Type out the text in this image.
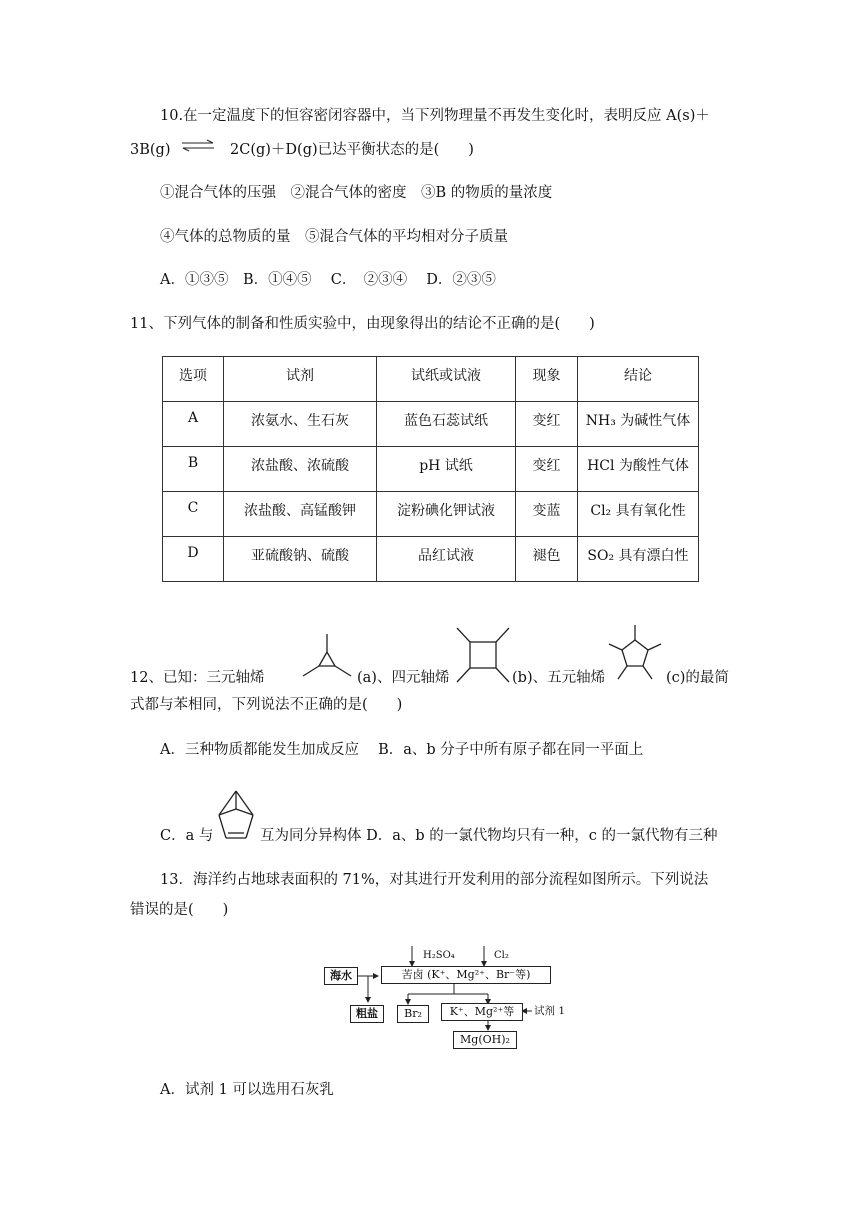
10.在一定温度下的恒容密闭容器中，当下列物理量不再发生变化时，表明反应 A(s)＋
3B(g) ⇌ 2C(g)＋D(g)已达平衡状态的是(　　)
①混合气体的压强　②混合气体的密度　③B 的物质的量浓度
④气体的总物质的量　⑤混合气体的平均相对分子质量
A．①③⑤　B．①④⑤　 C．　②③④　 D．②③⑤
11、下列气体的制备和性质实验中，由现象得出的结论不正确的是(　　)
选项	试剂	试纸或试液	现象	结论
A	浓氨水、生石灰	蓝色石蕊试纸	变红	NH₃ 为碱性气体
B	浓盐酸、浓硫酸	pH 试纸	变红	HCl 为酸性气体
C	浓盐酸、高锰酸钾	淀粉碘化钾试液	变蓝	Cl₂ 具有氧化性
D	亚硫酸钠、硫酸	品红试液	褪色	SO₂ 具有漂白性
12、已知：三元轴烯	(a)、四元轴烯	(b)、五元轴烯	(c)的最简
式都与苯相同，下列说法不正确的是(　　)
A．三种物质都能发生加成反应　 B．a、b 分子中所有原子都在同一平面上
C．a 与	互为同分异构体 D．a、b 的一氯代物均只有一种，c 的一氯代物有三种
13．海洋约占地球表面积的 71%，对其进行开发利用的部分流程如图所示。下列说法
错误的是(　　)
H₂SO₄	Cl₂
海水	苦卤 (K⁺、Mg²⁺、Br⁻等)
粗盐	Br₂	K⁺、Mg²⁺等	试剂 1
Mg(OH)₂
A．试剂 1 可以选用石灰乳
